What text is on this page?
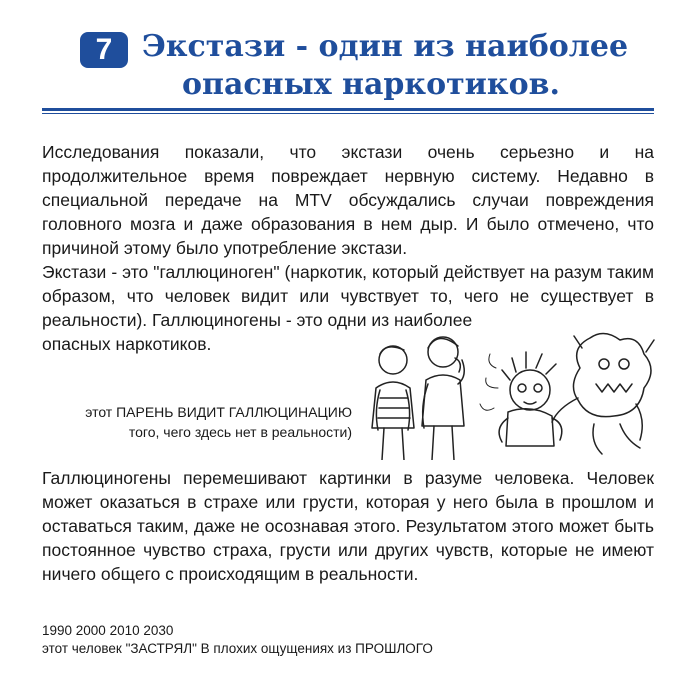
7 Экстази - один из наиболее
опасных наркотиков.

Исследования показали, что экстази очень серьезно и на продолжительное время повреждает нервную систему. Недавно в специальной передаче на MTV обсуждались случаи повреждения головного мозга и даже образования в нем дыр. И было отмечено, что причиной этому было употребление экстази.

Экстази - это "галлюциноген" (наркотик, который действует на разум таким образом, что человек видит или чувствует то, чего не существует в реальности). Галлюциногены - это одни из наиболее
опасных наркотиков.

этот ПАРЕНЬ ВИДИТ ГАЛЛЮЦИНАЦИЮ
того, чего здесь нет в реальности)

Галлюциногены перемешивают картинки в разуме человека. Человек может оказаться в страхе или грусти, которая у него была в прошлом и оставаться таким, даже не осознавая этого. Результатом этого может быть постоянное чувство страха, грусти или других чувств, которые не имеют ничего общего с происходящим в реальности.

1990 2000 2010 2030
этот человек "ЗАСТРЯЛ" В плохих ощущениях из ПРОШЛОГО
